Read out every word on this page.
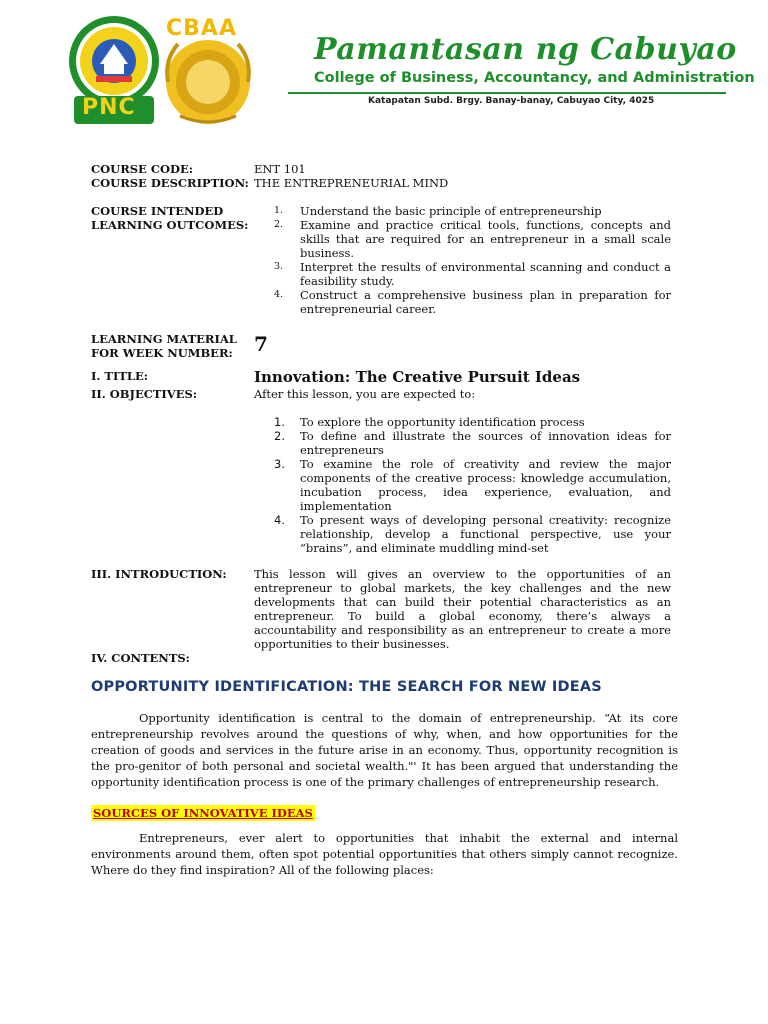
PNC
CBAA
Pamantasan ng Cabuyao
College of Business, Accountancy, and Administration
Katapatan Subd. Brgy. Banay-banay, Cabuyao City, 4025
COURSE CODE:	ENT 101
COURSE DESCRIPTION: THE ENTREPRENEURIAL MIND
COURSE INTENDED
LEARNING OUTCOMES:
1. Understand the basic principle of entrepreneurship
2. Examine and practice critical tools, functions, concepts and skills that are required for an entrepreneur in a small scale business.
3. Interpret the results of environmental scanning and conduct a feasibility study.
4. Construct a comprehensive business plan in preparation for entrepreneurial career.
LEARNING MATERIAL
FOR WEEK NUMBER: 7
I. TITLE:	Innovation: The Creative Pursuit Ideas
II. OBJECTIVES:	After this lesson, you are expected to:
1. To explore the opportunity identification process
2. To define and illustrate the sources of innovation ideas for entrepreneurs
3. To examine the role of creativity and review the major components of the creative process: knowledge accumulation, incubation process, idea experience, evaluation, and implementation
4. To present ways of developing personal creativity: recognize relationship, develop a functional perspective, use your “brains”, and eliminate muddling mind-set
III. INTRODUCTION: This lesson will gives an overview to the opportunities of an entrepreneur to global markets, the key challenges and the new developments that can build their potential characteristics as an entrepreneur. To build a global economy, there’s always a accountability and responsibility as an entrepreneur to create a more opportunities to their businesses.
IV. CONTENTS:
OPPORTUNITY IDENTIFICATION: THE SEARCH FOR NEW IDEAS
Opportunity identification is central to the domain of entrepreneurship. “At its core entrepreneurship revolves around the questions of why, when, and how opportunities for the creation of goods and services in the future arise in an economy. Thus, opportunity recognition is the pro-genitor of both personal and societal wealth."' It has been argued that understanding the opportunity identification process is one of the primary challenges of entrepreneurship research.
SOURCES OF INNOVATIVE IDEAS
Entrepreneurs, ever alert to opportunities that inhabit the external and internal environments around them, often spot potential opportunities that others simply cannot recognize. Where do they find inspiration? All of the following places:
